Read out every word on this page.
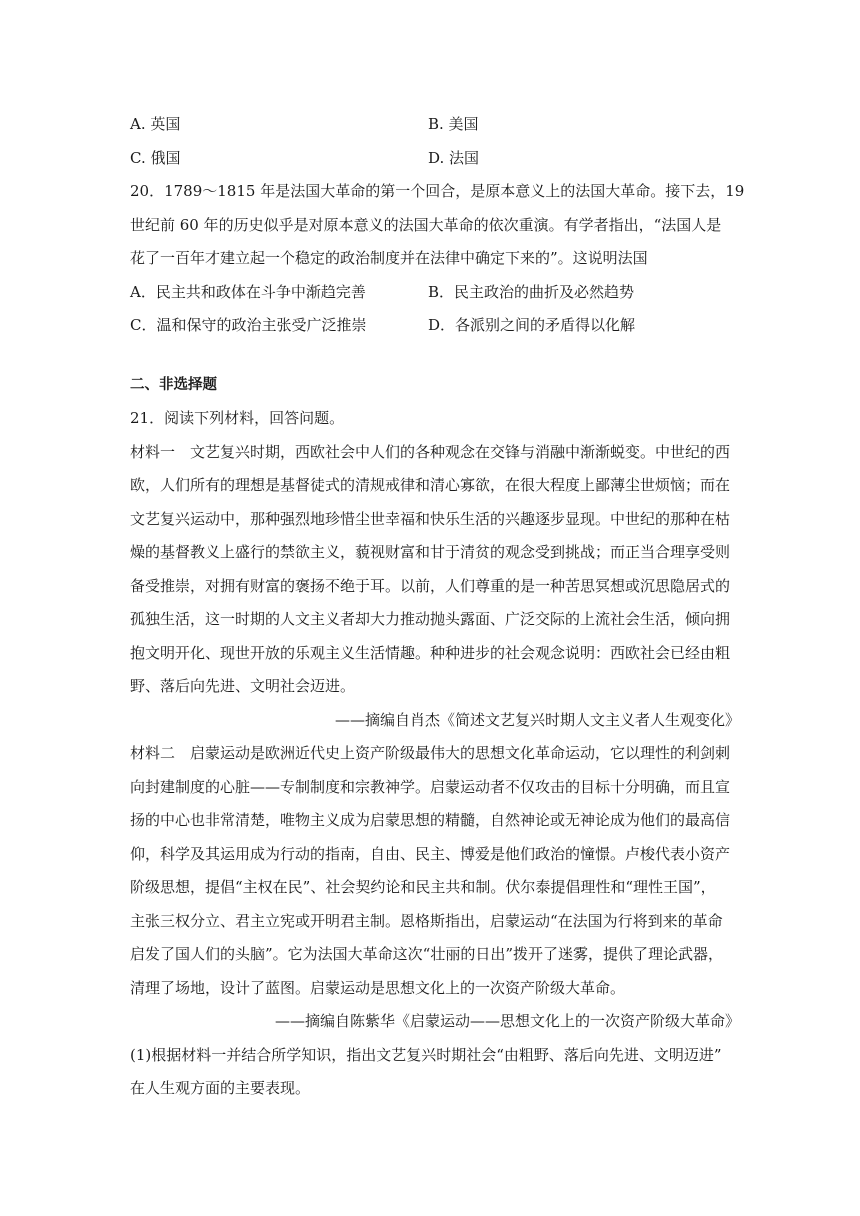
A. 英国	B. 美国
C. 俄国	D. 法国
20．1789～1815 年是法国大革命的第一个回合，是原本意义上的法国大革命。接下去，19
世纪前 60 年的历史似乎是对原本意义的法国大革命的依次重演。有学者指出，“法国人是
花了一百年才建立起一个稳定的政治制度并在法律中确定下来的”。这说明法国
A．民主共和政体在斗争中渐趋完善	B．民主政治的曲折及必然趋势
C．温和保守的政治主张受广泛推崇	D．各派别之间的矛盾得以化解
二、非选择题
21．阅读下列材料，回答问题。
材料一　文艺复兴时期，西欧社会中人们的各种观念在交锋与消融中渐渐蜕变。中世纪的西
欧，人们所有的理想是基督徒式的清规戒律和清心寡欲，在很大程度上鄙薄尘世烦恼；而在
文艺复兴运动中，那种强烈地珍惜尘世幸福和快乐生活的兴趣逐步显现。中世纪的那种在枯
燥的基督教义上盛行的禁欲主义，藐视财富和甘于清贫的观念受到挑战；而正当合理享受则
备受推崇，对拥有财富的褒扬不绝于耳。以前，人们尊重的是一种苦思冥想或沉思隐居式的
孤独生活，这一时期的人文主义者却大力推动抛头露面、广泛交际的上流社会生活，倾向拥
抱文明开化、现世开放的乐观主义生活情趣。种种进步的社会观念说明：西欧社会已经由粗
野、落后向先进、文明社会迈进。
——摘编自肖杰《简述文艺复兴时期人文主义者人生观变化》
材料二　启蒙运动是欧洲近代史上资产阶级最伟大的思想文化革命运动，它以理性的利剑刺
向封建制度的心脏——专制制度和宗教神学。启蒙运动者不仅攻击的目标十分明确，而且宣
扬的中心也非常清楚，唯物主义成为启蒙思想的精髓，自然神论或无神论成为他们的最高信
仰，科学及其运用成为行动的指南，自由、民主、博爱是他们政治的憧憬。卢梭代表小资产
阶级思想，提倡“主权在民”、社会契约论和民主共和制。伏尔泰提倡理性和“理性王国”，
主张三权分立、君主立宪或开明君主制。恩格斯指出，启蒙运动“在法国为行将到来的革命
启发了国人们的头脑”。它为法国大革命这次“壮丽的日出”拨开了迷雾，提供了理论武器，
清理了场地，设计了蓝图。启蒙运动是思想文化上的一次资产阶级大革命。
——摘编自陈紫华《启蒙运动——思想文化上的一次资产阶级大革命》
(1)根据材料一并结合所学知识，指出文艺复兴时期社会“由粗野、落后向先进、文明迈进”
在人生观方面的主要表现。
